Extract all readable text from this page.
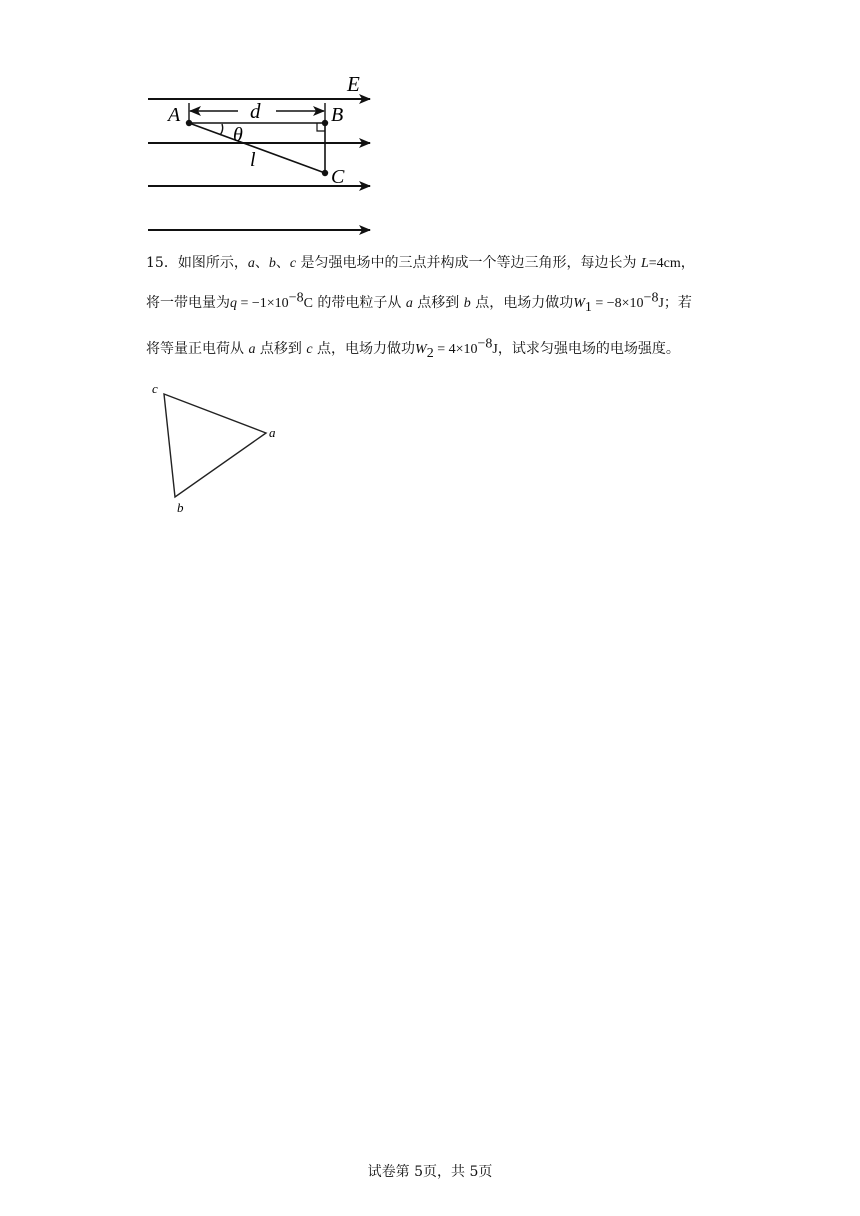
E
A	B
C
d
θ
l
15．如图所示，a、b、c 是匀强电场中的三点并构成一个等边三角形，每边长为 L=4cm，
将一带电量为$q = -1\times 10^{-8}C$ 的带电粒子从 a 点移到 b 点，电场力做功$W_1 = -8\times 10^{-8}J$；若
将等量正电荷从 a 点移到 c 点，电场力做功$W_2 = 4\times 10^{-8}J$，试求匀强电场的电场强度。
c
a
b
试卷第 5页，共 5页
